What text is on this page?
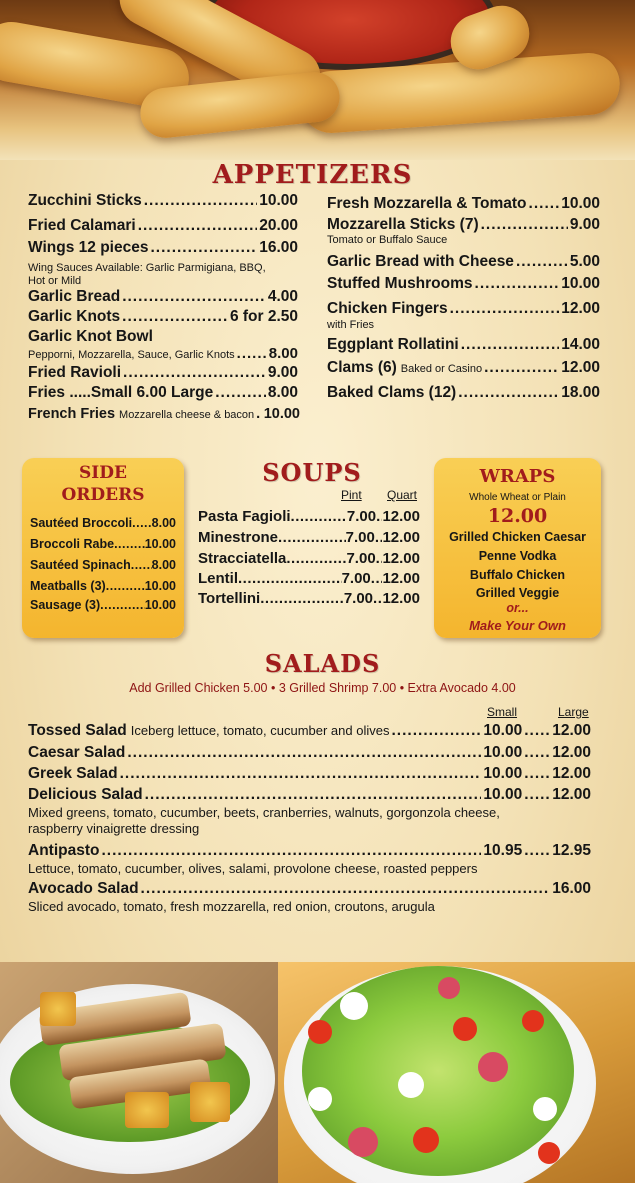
APPETIZERS
Zucchini Sticks .....	10.00
Fried Calamari .....	20.00
Wings 12 pieces .....	16.00
Wing Sauces Available: Garlic Parmigiana, BBQ,
Hot or Mild
Garlic Bread .....	4.00
Garlic Knots .....	6 for 2.50
Garlic Knot Bowl
Pepporni, Mozzarella, Sauce, Garlic Knots ..... 8.00
Fried Ravioli .....	9.00
Fries .....Small 6.00 Large .....	8.00
French Fries Mozzarella cheese & bacon ..... 10.00
Fresh Mozzarella & Tomato ..... 10.00
Mozzarella Sticks (7) .....	9.00
Tomato or Buffalo Sauce
Garlic Bread with Cheese .....	5.00
Stuffed Mushrooms .....	10.00
Chicken Fingers .....	12.00
with Fries
Eggplant Rollatini .....	14.00
Clams (6) Baked or Casino .....	12.00
Baked Clams (12) .....	18.00
SIDE
ORDERS
Sautéed Broccoli ..... 8.00
Broccoli Rabe ..... 10.00
Sautéed Spinach ..... 8.00
Meatballs (3) .....	10.00
Sausage (3) .....	10.00
SOUPS
Pint Quart
Pasta Fagioli .....	7.00 ..... 12.00
Minestrone .....	7.00 ..... 12.00
Stracciatella .....	7.00 ..... 12.00
Lentil .....	7.00 ..... 12.00
Tortellini .....	7.00 ..... 12.00
WRAPS
Whole Wheat or Plain
12.00
Grilled Chicken Caesar
Penne Vodka
Buffalo Chicken
Grilled Veggie
or...
Make Your Own
SALADS
Add Grilled Chicken 5.00 • 3 Grilled Shrimp 7.00 • Extra Avocado 4.00
Small	Large
Tossed Salad Iceberg lettuce, tomato, cucumber and olives .....	10.00 ..... 12.00
Caesar Salad .....	10.00 ..... 12.00
Greek Salad .....	10.00 ..... 12.00
Delicious Salad .....	10.00 ..... 12.00
Mixed greens, tomato, cucumber, beets, cranberries, walnuts, gorgonzola cheese,
raspberry vinaigrette dressing
Antipasto .....	10.95 ..... 12.95
Lettuce, tomato, cucumber, olives, salami, provolone cheese, roasted peppers
Avocado Salad .....	16.00
Sliced avocado, tomato, fresh mozzarella, red onion, croutons, arugula
